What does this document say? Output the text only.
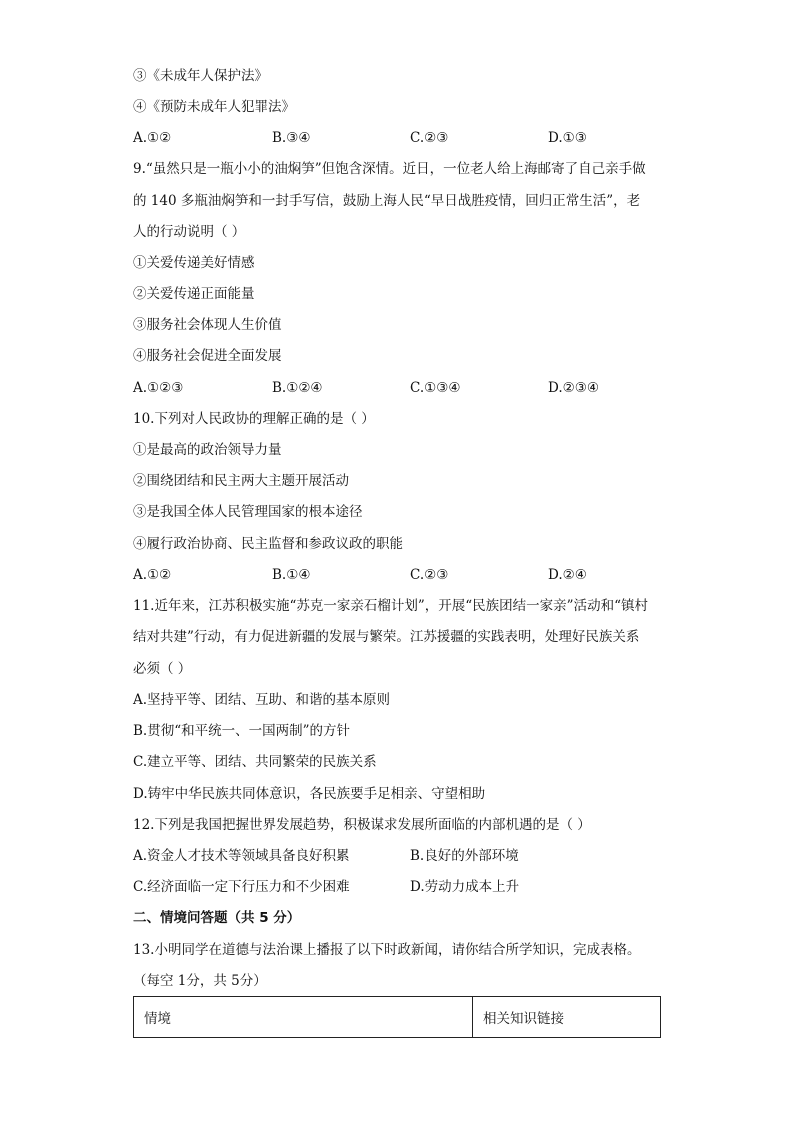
③《未成年人保护法》
④《预防未成年人犯罪法》
A.①②	B.③④	C.②③	D.①③
9.“虽然只是一瓶小小的油焖笋”但饱含深情。近日，一位老人给上海邮寄了自己亲手做
的 140 多瓶油焖笋和一封手写信，鼓励上海人民“早日战胜疫情，回归正常生活”，老
人的行动说明（ ）
①关爱传递美好情感
②关爱传递正面能量
③服务社会体现人生价值
④服务社会促进全面发展
A.①②③	B.①②④	C.①③④	D.②③④
10.下列对人民政协的理解正确的是（ ）
①是最高的政治领导力量
②围绕团结和民主两大主题开展活动
③是我国全体人民管理国家的根本途径
④履行政治协商、民主监督和参政议政的职能
A.①②	B.①④	C.②③	D.②④
11.近年来，江苏积极实施“苏克一家亲石榴计划”，开展“民族团结一家亲”活动和“镇村
结对共建”行动，有力促进新疆的发展与繁荣。江苏援疆的实践表明，处理好民族关系
必须（ ）
A.坚持平等、团结、互助、和谐的基本原则
B.贯彻“和平统一、一国两制”的方针
C.建立平等、团结、共同繁荣的民族关系
D.铸牢中华民族共同体意识，各民族要手足相亲、守望相助
12.下列是我国把握世界发展趋势，积极谋求发展所面临的内部机遇的是（ ）
A.资金人才技术等领域具备良好积累	B.良好的外部环境
C.经济面临一定下行压力和不少困难	D.劳动力成本上升
二、情境问答题（共 5 分）
13.小明同学在道德与法治课上播报了以下时政新闻，请你结合所学知识，完成表格。
（每空 1分，共 5分）
情境	相关知识链接
